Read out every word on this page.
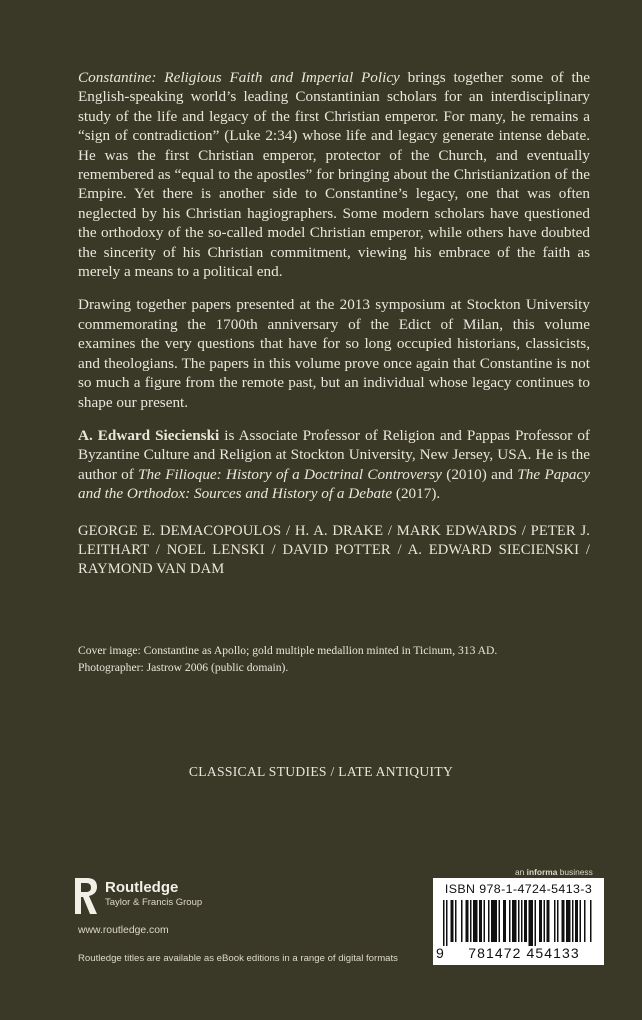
Constantine: Religious Faith and Imperial Policy brings together some of the English-speaking world’s leading Constantinian scholars for an interdisciplinary study of the life and legacy of the first Christian emperor. For many, he remains a “sign of contradiction” (Luke 2:34) whose life and legacy generate intense debate. He was the first Christian emperor, protector of the Church, and eventually remembered as “equal to the apostles” for bringing about the Christianization of the Empire. Yet there is another side to Constantine’s legacy, one that was often neglected by his Christian hagiographers. Some modern scholars have questioned the orthodoxy of the so-called model Christian emperor, while others have doubted the sincerity of his Christian commitment, viewing his embrace of the faith as merely a means to a political end.

Drawing together papers presented at the 2013 symposium at Stockton University commemorating the 1700th anniversary of the Edict of Milan, this volume examines the very questions that have for so long occupied historians, classicists, and theologians. The papers in this volume prove once again that Constantine is not so much a figure from the remote past, but an individual whose legacy continues to shape our present.

A. Edward Siecienski is Associate Professor of Religion and Pappas Professor of Byzantine Culture and Religion at Stockton University, New Jersey, USA. He is the author of The Filioque: History of a Doctrinal Controversy (2010) and The Papacy and the Orthodox: Sources and History of a Debate (2017).

GEORGE E. DEMACOPOULOS / H. A. DRAKE / MARK EDWARDS / PETER J. LEITHART / NOEL LENSKI / DAVID POTTER / A. EDWARD SIECIENSKI / RAYMOND VAN DAM
Cover image: Constantine as Apollo; gold multiple medallion minted in Ticinum, 313 AD.
Photographer: Jastrow 2006 (public domain).
CLASSICAL STUDIES / LATE ANTIQUITY
Routledge
Taylor & Francis Group
www.routledge.com
Routledge titles are available as eBook editions in a range of digital formats
an informa business
ISBN 978-1-4724-5413-3
9	781472 454133
